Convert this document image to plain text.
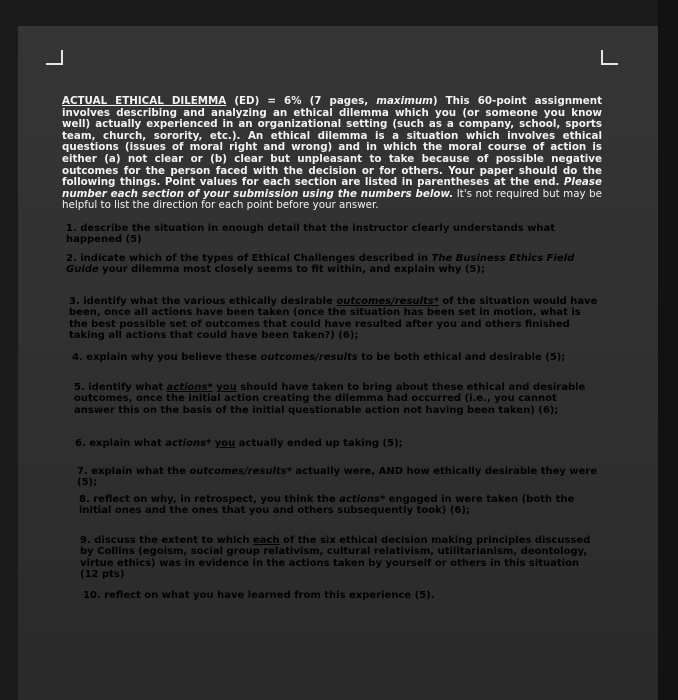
ACTUAL ETHICAL DILEMMA (ED) = 6% (7 pages, maximum) This 60-point assignment involves describing and analyzing an ethical dilemma which you (or someone you know well) actually experienced in an organizational setting (such as a company, school, sports team, church, sorority, etc.). An ethical dilemma is a situation which involves ethical questions (issues of moral right and wrong) and in which the moral course of action is either (a) not clear or (b) clear but unpleasant to take because of possible negative outcomes for the person faced with the decision or for others. Your paper should do the following things. Point values for each section are listed in parentheses at the end. Please number each section of your submission using the numbers below. It's not required but may be helpful to list the direction for each point before your answer.

1. describe the situation in enough detail that the instructor clearly understands what happened (5)

2. indicate which of the types of Ethical Challenges described in The Business Ethics Field Guide your dilemma most closely seems to fit within, and explain why (5);

3. identify what the various ethically desirable outcomes/results* of the situation would have been, once all actions have been taken (once the situation has been set in motion, what is the best possible set of outcomes that could have resulted after you and others finished taking all actions that could have been taken?) (6);

4. explain why you believe these outcomes/results to be both ethical and desirable (5);

5. identify what actions* you should have taken to bring about these ethical and desirable outcomes, once the initial action creating the dilemma had occurred (i.e., you cannot answer this on the basis of the initial questionable action not having been taken) (6);

6. explain what actions* you actually ended up taking (5);

7. explain what the outcomes/results* actually were, AND how ethically desirable they were (5);

8. reflect on why, in retrospect, you think the actions* engaged in were taken (both the initial ones and the ones that you and others subsequently took) (6);

9. discuss the extent to which each of the six ethical decision making principles discussed by Collins (egoism, social group relativism, cultural relativism, utilitarianism, deontology, virtue ethics) was in evidence in the actions taken by yourself or others in this situation (12 pts)

10. reflect on what you have learned from this experience (5).
